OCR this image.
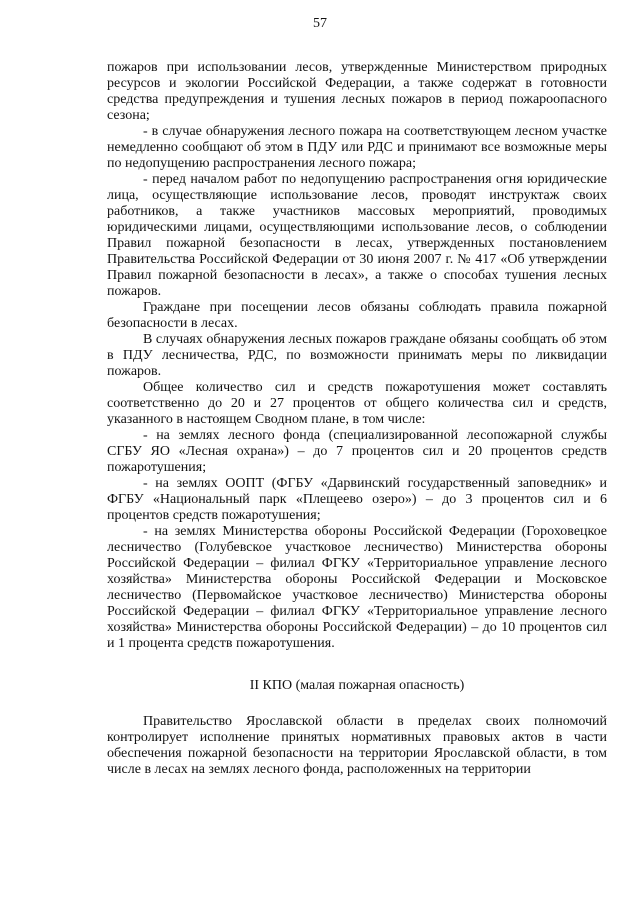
57

пожаров при использовании лесов, утвержденные Министерством природных ресурсов и экологии Российской Федерации, а также содержат в готовности средства предупреждения и тушения лесных пожаров в период пожароопасного сезона;

- в случае обнаружения лесного пожара на соответствующем лесном участке немедленно сообщают об этом в ПДУ или РДС и принимают все возможные меры по недопущению распространения лесного пожара;

- перед началом работ по недопущению распространения огня юридические лица, осуществляющие использование лесов, проводят инструктаж своих работников, а также участников массовых мероприятий, проводимых юридическими лицами, осуществляющими использование лесов, о соблюдении Правил пожарной безопасности в лесах, утвержденных постановлением Правительства Российской Федерации от 30 июня 2007 г. № 417 «Об утверждении Правил пожарной безопасности в лесах», а также о способах тушения лесных пожаров.

Граждане при посещении лесов обязаны соблюдать правила пожарной безопасности в лесах.

В случаях обнаружения лесных пожаров граждане обязаны сообщать об этом в ПДУ лесничества, РДС, по возможности принимать меры по ликвидации пожаров.

Общее количество сил и средств пожаротушения может составлять соответственно до 20 и 27 процентов от общего количества сил и средств, указанного в настоящем Сводном плане, в том числе:

- на землях лесного фонда (специализированной лесопожарной службы СГБУ ЯО «Лесная охрана») – до 7 процентов сил и 20 процентов средств пожаротушения;

- на землях ООПТ (ФГБУ «Дарвинский государственный заповедник» и ФГБУ «Национальный парк «Плещеево озеро») – до 3 процентов сил и 6 процентов средств пожаротушения;

- на землях Министерства обороны Российской Федерации (Гороховецкое лесничество (Голубевское участковое лесничество) Министерства обороны Российской Федерации – филиал ФГКУ «Территориальное управление лесного хозяйства» Министерства обороны Российской Федерации и Московское лесничество (Первомайское участковое лесничество) Министерства обороны Российской Федерации – филиал ФГКУ «Территориальное управление лесного хозяйства» Министерства обороны Российской Федерации) – до 10 процентов сил и 1 процента средств пожаротушения.

II КПО (малая пожарная опасность)

Правительство Ярославской области в пределах своих полномочий контролирует исполнение принятых нормативных правовых актов в части обеспечения пожарной безопасности на территории Ярославской области, в том числе в лесах на землях лесного фонда, расположенных на территории
